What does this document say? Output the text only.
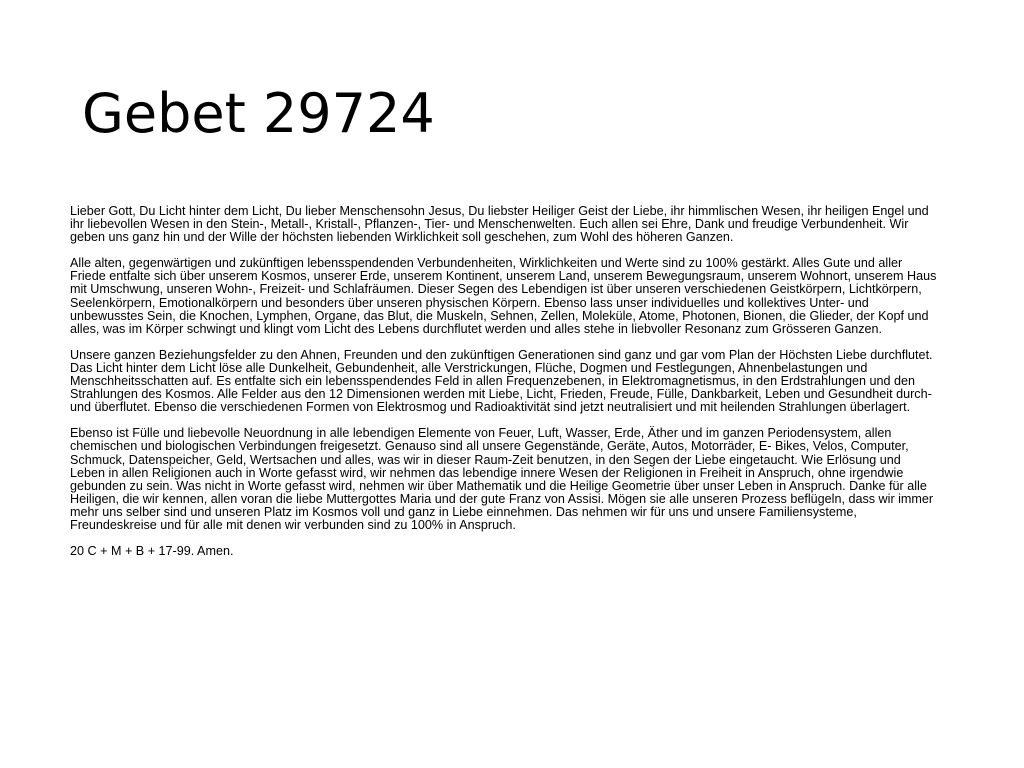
Gebet 29724

Lieber Gott, Du Licht hinter dem Licht, Du lieber Menschensohn Jesus, Du liebster Heiliger Geist der Liebe, ihr himmlischen Wesen, ihr heiligen Engel und ihr liebevollen Wesen in den Stein-, Metall-, Kristall-, Pflanzen-, Tier- und Menschenwelten. Euch allen sei Ehre, Dank und freudige Verbundenheit. Wir geben uns ganz hin und der Wille der höchsten liebenden Wirklichkeit soll geschehen, zum Wohl des höheren Ganzen.

Alle alten, gegenwärtigen und zukünftigen lebensspendenden Verbundenheiten, Wirklichkeiten und Werte sind zu 100% gestärkt. Alles Gute und aller Friede entfalte sich über unserem Kosmos, unserer Erde, unserem Kontinent, unserem Land, unserem Bewegungsraum, unserem Wohnort, unserem Haus mit Umschwung, unseren Wohn-, Freizeit- und Schlafräumen. Dieser Segen des Lebendigen ist über unseren verschiedenen Geistkörpern, Lichtkörpern, Seelenkörpern, Emotionalkörpern und besonders über unseren physischen Körpern. Ebenso lass unser individuelles und kollektives Unter- und unbewusstes Sein, die Knochen, Lymphen, Organe, das Blut, die Muskeln, Sehnen, Zellen, Moleküle, Atome, Photonen, Bionen, die Glieder, der Kopf und alles, was im Körper schwingt und klingt vom Licht des Lebens durchflutet werden und alles stehe in liebvoller Resonanz zum Grösseren Ganzen.

Unsere ganzen Beziehungsfelder zu den Ahnen, Freunden und den zukünftigen Generationen sind ganz und gar vom Plan der Höchsten Liebe durchflutet. Das Licht hinter dem Licht löse alle Dunkelheit, Gebundenheit, alle Verstrickungen, Flüche, Dogmen und Festlegungen, Ahnenbelastungen und Menschheitsschatten auf. Es entfalte sich ein lebensspendendes Feld in allen Frequenzebenen, in Elektromagnetismus, in den Erdstrahlungen und den Strahlungen des Kosmos. Alle Felder aus den 12 Dimensionen werden mit Liebe, Licht, Frieden, Freude, Fülle, Dankbarkeit, Leben und Gesundheit durch- und überflutet. Ebenso die verschiedenen Formen von Elektrosmog und Radioaktivität sind jetzt neutralisiert und mit heilenden Strahlungen überlagert.

Ebenso ist Fülle und liebevolle Neuordnung in alle lebendigen Elemente von Feuer, Luft, Wasser, Erde, Äther und im ganzen Periodensystem, allen chemischen und biologischen Verbindungen freigesetzt. Genauso sind all unsere Gegenstände, Geräte, Autos, Motorräder, E- Bikes, Velos, Computer, Schmuck, Datenspeicher, Geld, Wertsachen und alles, was wir in dieser Raum-Zeit benutzen, in den Segen der Liebe eingetaucht. Wie Erlösung und Leben in allen Religionen auch in Worte gefasst wird, wir nehmen das lebendige innere Wesen der Religionen in Freiheit in Anspruch, ohne irgendwie gebunden zu sein. Was nicht in Worte gefasst wird, nehmen wir über Mathematik und die Heilige Geometrie über unser Leben in Anspruch. Danke für alle Heiligen, die wir kennen, allen voran die liebe Muttergottes Maria und der gute Franz von Assisi. Mögen sie alle unseren Prozess beflügeln, dass wir immer mehr uns selber sind und unseren Platz im Kosmos voll und ganz in Liebe einnehmen. Das nehmen wir für uns und unsere Familiensysteme, Freundeskreise und für alle mit denen wir verbunden sind zu 100% in Anspruch.

20 C + M + B + 17-99. Amen.
